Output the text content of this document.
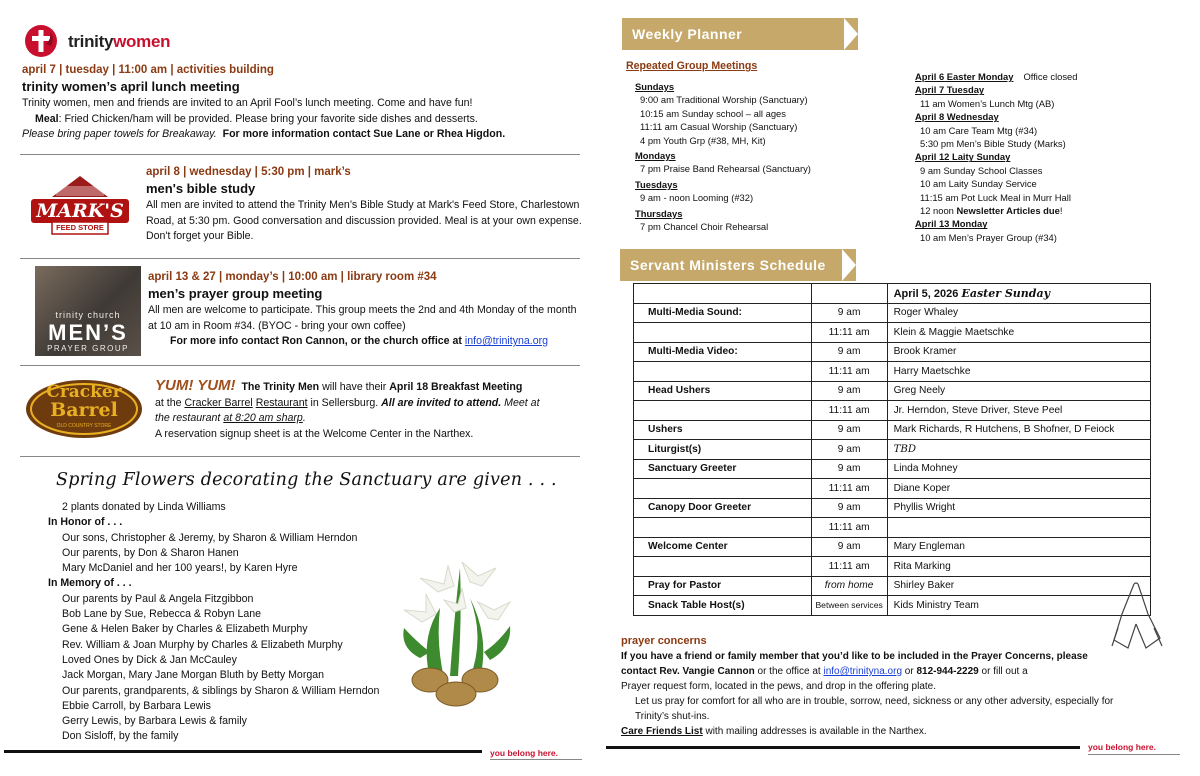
trinitywomen
april 7 | tuesday | 11:00 am | activities building
trinity women’s april lunch meeting
Trinity women, men and friends are invited to an April Fool’s lunch meeting. Come and have fun!
Meal: Fried Chicken/ham will be provided. Please bring your favorite side dishes and desserts.
Please bring paper towels for Breakaway. For more information contact Sue Lane or Rhea Higdon.
MARK'S
FEED STORE
april 8 | wednesday | 5:30 pm | mark’s
men's bible study
All men are invited to attend the Trinity Men’s Bible Study at Mark's Feed Store, Charlestown Road, at 5:30 pm. Good conversation and discussion provided. Meal is at your own expense. Don't forget your Bible.
trinity church
MEN’S
PRAYER GROUP
april 13 & 27 | monday’s | 10:00 am | library room #34
men’s prayer group meeting
All men are welcome to participate. This group meets the 2nd and 4th Monday of the month at 10 am in Room #34. (BYOC - bring your own coffee)
For more info contact Ron Cannon, or the church office at info@trinityna.org
Cracker
Barrel
OLD COUNTRY STORE
YUM! YUM! The Trinity Men will have their April 18 Breakfast Meeting
at the Cracker Barrel Restaurant in Sellersburg. All are invited to attend. Meet at
the restaurant at 8:20 am sharp.
A reservation signup sheet is at the Welcome Center in the Narthex.
Spring Flowers decorating the Sanctuary are given . . .
2 plants donated by Linda Williams
In Honor of . . .
Our sons, Christopher & Jeremy, by Sharon & William Herndon
Our parents, by Don & Sharon Hanen
Mary McDaniel and her 100 years!, by Karen Hyre
In Memory of . . .
Our parents by Paul & Angela Fitzgibbon
Bob Lane by Sue, Rebecca & Robyn Lane
Gene & Helen Baker by Charles & Elizabeth Murphy
Rev. William & Joan Murphy by Charles & Elizabeth Murphy
Loved Ones by Dick & Jan McCauley
Jack Morgan, Mary Jane Morgan Bluth by Betty Morgan
Our parents, grandparents, & siblings by Sharon & William Herndon
Ebbie Carroll, by Barbara Lewis
Gerry Lewis, by Barbara Lewis & family
Don Sisloff, by the family
you belong here.
Weekly Planner
Repeated Group Meetings
Sundays
9:00 am Traditional Worship (Sanctuary)
10:15 am Sunday school – all ages
11:11 am Casual Worship (Sanctuary)
4 pm Youth Grp (#38, MH, Kit)
Mondays
7 pm Praise Band Rehearsal (Sanctuary)
Tuesdays
9 am - noon Looming (#32)
Thursdays
7 pm Chancel Choir Rehearsal
April 6 Easter Monday Office closed
April 7 Tuesday
11 am Women’s Lunch Mtg (AB)
April 8 Wednesday
10 am Care Team Mtg (#34)
5:30 pm Men’s Bible Study (Marks)
April 12 Laity Sunday
9 am Sunday School Classes
10 am Laity Sunday Service
11:15 am Pot Luck Meal in Murr Hall
12 noon Newsletter Articles due!
April 13 Monday
10 am Men’s Prayer Group (#34)
Servant Ministers Schedule
		April 5, 2026 Easter Sunday
Multi-Media Sound:	9 am	Roger Whaley
	11:11 am	Klein & Maggie Maetschke
Multi-Media Video:	9 am	Brook Kramer
	11:11 am	Harry Maetschke
Head Ushers	9 am	Greg Neely
	11:11 am	Jr. Herndon, Steve Driver, Steve Peel
Ushers	9 am	Mark Richards, R Hutchens, B Shofner, D Feiock
Liturgist(s)	9 am	TBD
Sanctuary Greeter	9 am	Linda Mohney
	11:11 am	Diane Koper
Canopy Door Greeter	9 am	Phyllis Wright
	11:11 am	
Welcome Center	9 am	Mary Engleman
	11:11 am	Rita Marking
Pray for Pastor	from home	Shirley Baker
Snack Table Host(s)	Between services	Kids Ministry Team
prayer concerns
If you have a friend or family member that you’d like to be included in the Prayer Concerns, please
contact Rev. Vangie Cannon or the office at info@trinityna.org or 812-944-2229 or fill out a
Prayer request form, located in the pews, and drop in the offering plate.
Let us pray for comfort for all who are in trouble, sorrow, need, sickness or any other adversity, especially for
Trinity’s shut-ins.
Care Friends List with mailing addresses is available in the Narthex.
you belong here.
